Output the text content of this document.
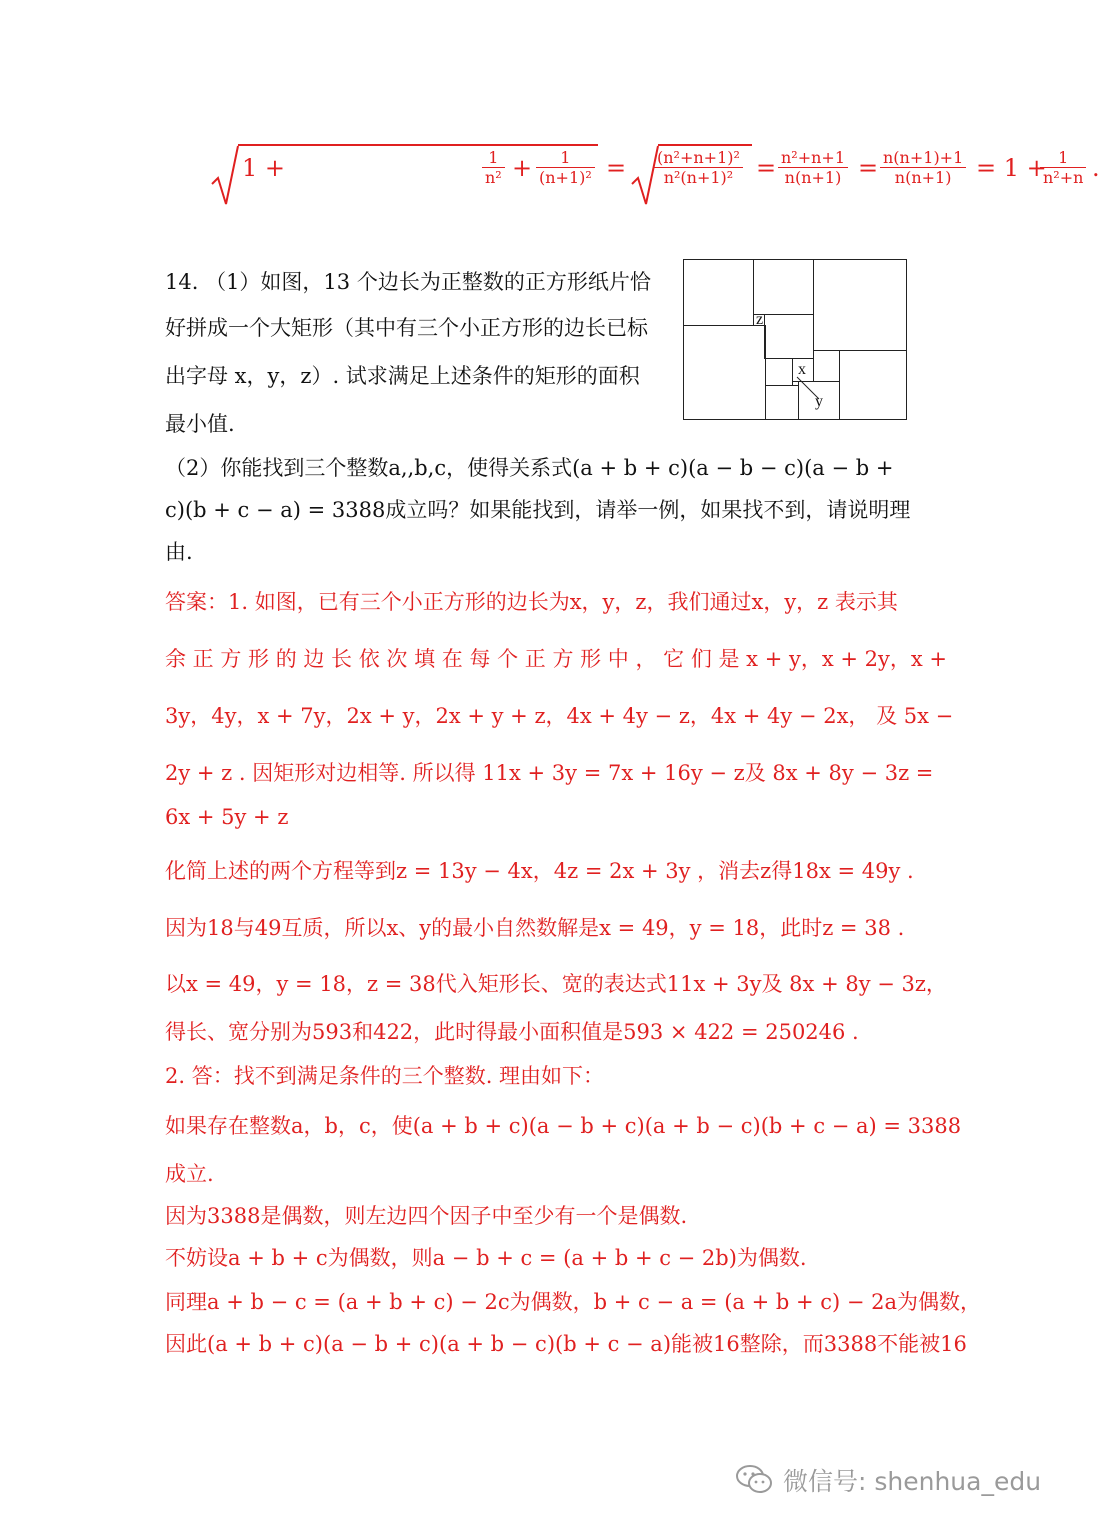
1 +	$\frac{1}{\text{n²}} + \frac{1}{\text{(n+1)²}} = \frac{\text{(n²+n+1)²}}{\text{n²(n+1)²}} = \frac{\text{n²+n+1}}{n(n+1)} = \frac{n(n+1)+1}{n(n+1)} = 1$ +
$\frac{1}{\text{n²+n}}$ .
14. （1）如图，13 个边长为正整数的正方形纸片恰
好拼成一个大矩形（其中有三个小正方形的边长已标
出字母 x，y，z）. 试求满足上述条件的矩形的面积
最小值.
（2）你能找到三个整数a,,b,c，使得关系式(a + b + c)(a − b − c)(a − b +
c)(b + c − a) = 3388成立吗？如果能找到，请举一例，如果找不到，请说明理
由.
z
x
y
答案：1. 如图，已有三个小正方形的边长为x，y，z，我们通过x，y，z 表示其
余 正 方 形 的 边 长 依 次 填 在 每 个 正 方 形 中 ， 它 们 是 x + y，x + 2y，x +
3y，4y，x + 7y，2x + y，2x + y + z，4x + 4y − z，4x + 4y − 2x， 及 5x −
2y + z . 因矩形对边相等. 所以得 11x + 3y = 7x + 16y − z及 8x + 8y − 3z =
6x + 5y + z
化简上述的两个方程等到z = 13y − 4x，4z = 2x + 3y ，消去z得18x = 49y .
因为18与49互质，所以x、y的最小自然数解是x = 49，y = 18，此时z = 38 .
以x = 49，y = 18，z = 38代入矩形长、宽的表达式11x + 3y及 8x + 8y − 3z，
得长、宽分别为593和422，此时得最小面积值是593 × 422 = 250246 .
2. 答：找不到满足条件的三个整数. 理由如下：
如果存在整数a，b，c，使(a + b + c)(a − b + c)(a + b − c)(b + c − a) = 3388
成立.
因为3388是偶数，则左边四个因子中至少有一个是偶数.
不妨设a + b + c为偶数，则a − b + c = (a + b + c − 2b)为偶数.
同理a + b − c = (a + b + c) − 2c为偶数，b + c − a = (a + b + c) − 2a为偶数，
因此(a + b + c)(a − b + c)(a + b − c)(b + c − a)能被16整除，而3388不能被16
微信号: shenhua_edu
